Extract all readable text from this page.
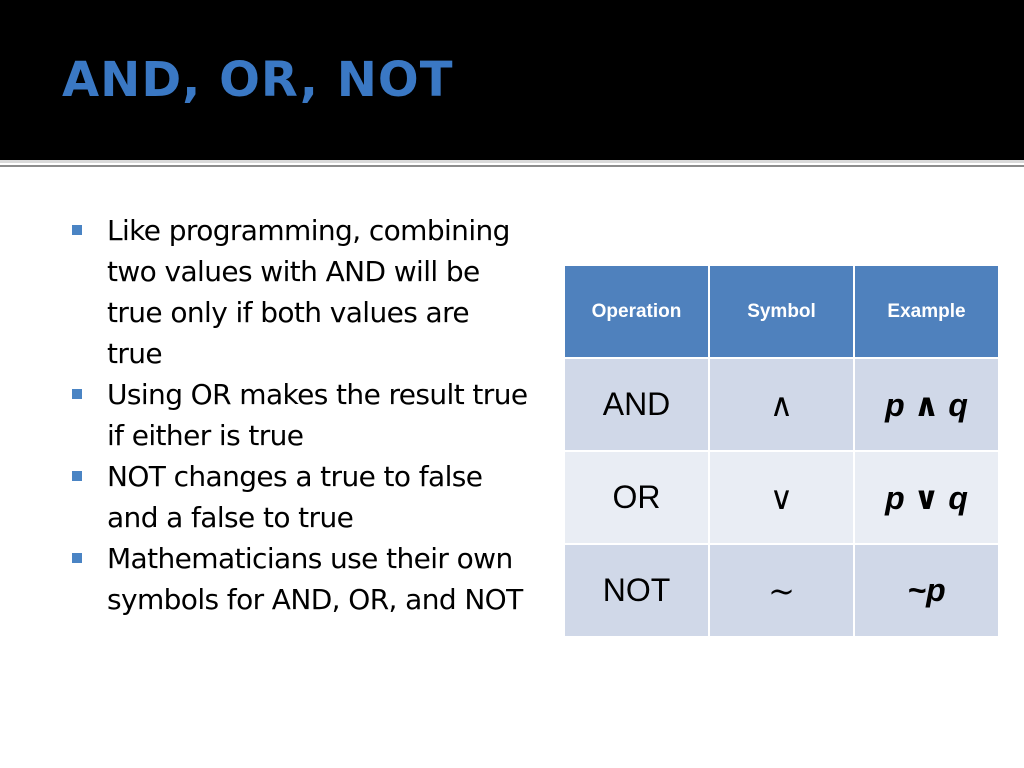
AND, OR, NOT
Like programming, combining two values with AND will be true only if both values are true
Using OR makes the result true if either is true
NOT changes a true to false and a false to true
Mathematicians use their own symbols for AND, OR, and NOT
Operation	Symbol	Example
AND	∧	p ∧ q
OR	∨	p ∨ q
NOT	~	~p
